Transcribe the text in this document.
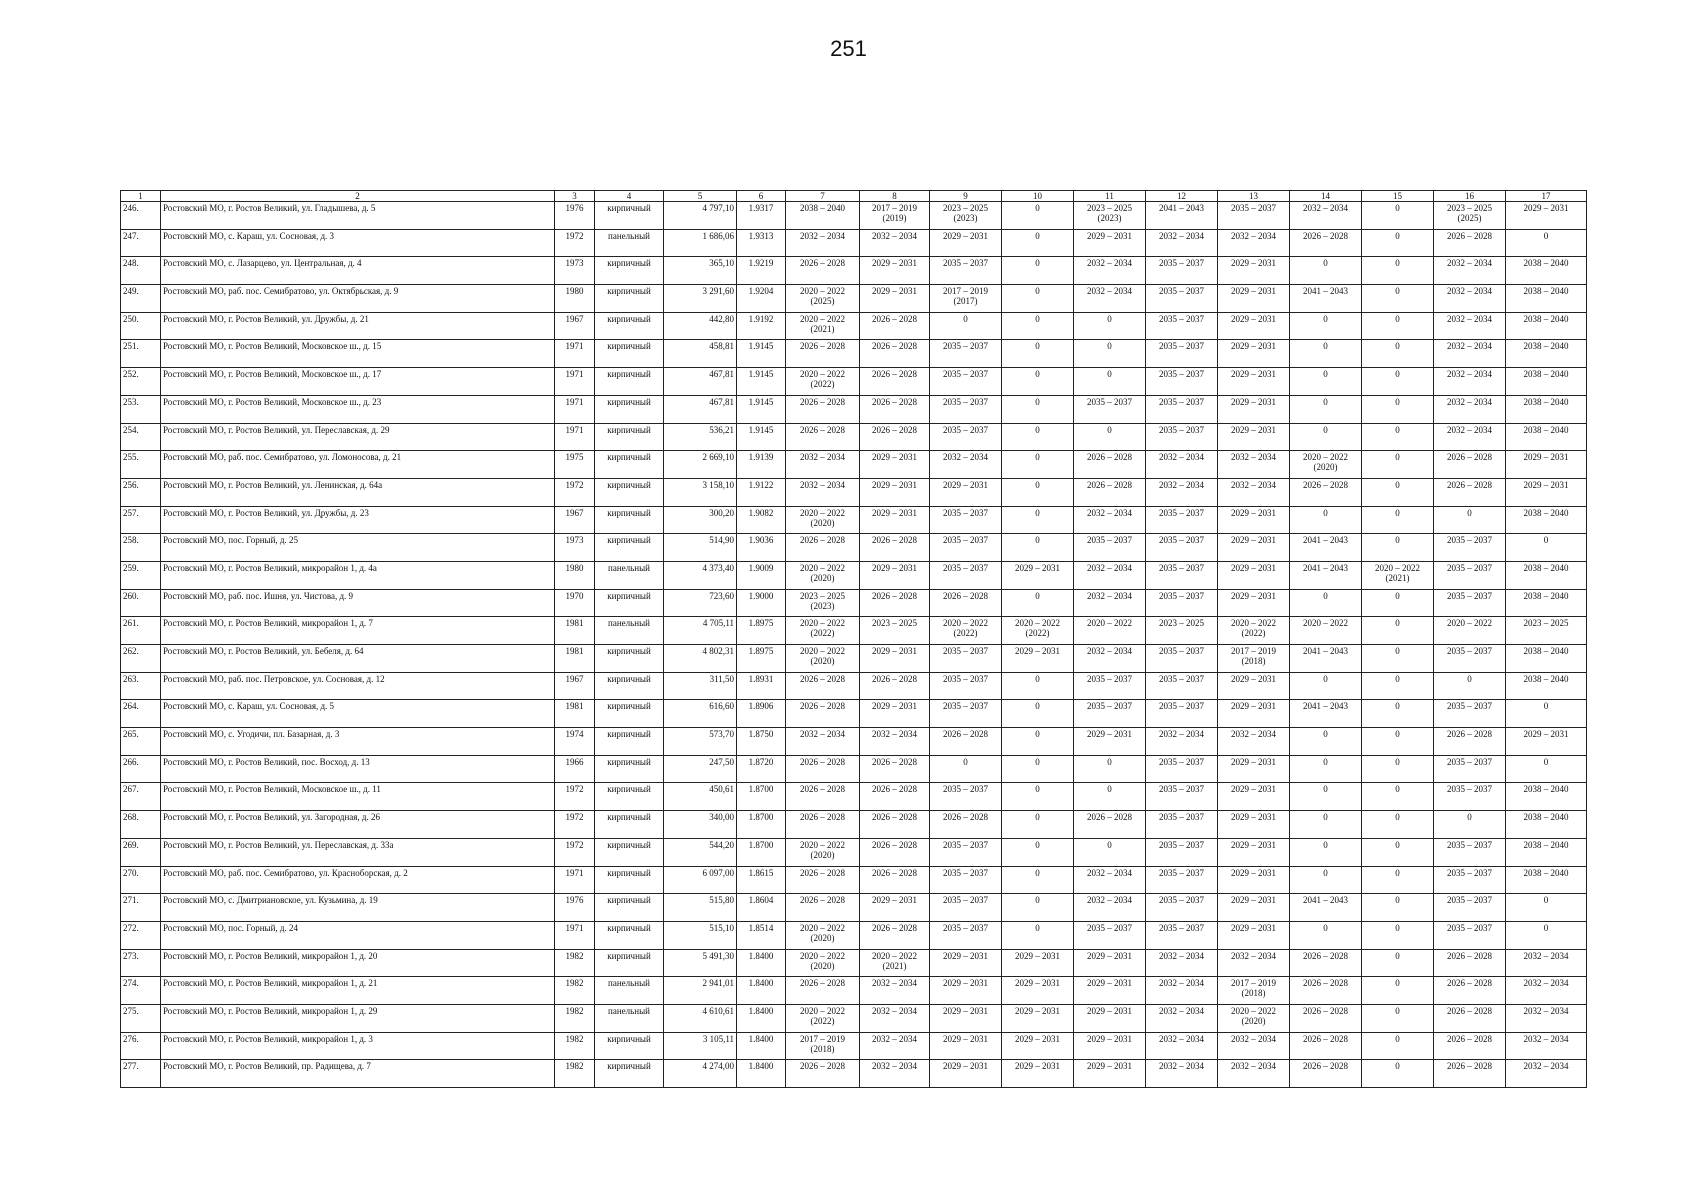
251
1	2	3	4	5	6	7	8	9	10	11	12	13	14	15	16	17
246.	Ростовский МО, г. Ростов Великий, ул. Гладышева, д. 5	1976	кирпичный	4 797,10	1.9317	2038 – 2040	2017 – 2019 (2019)	2023 – 2025 (2023)	0	2023 – 2025 (2023)	2041 – 2043	2035 – 2037	2032 – 2034	0	2023 – 2025 (2025)	2029 – 2031
247.	Ростовский МО, с. Караш, ул. Сосновая, д. 3	1972	панельный	1 686,06	1.9313	2032 – 2034	2032 – 2034	2029 – 2031	0	2029 – 2031	2032 – 2034	2032 – 2034	2026 – 2028	0	2026 – 2028	0
248.	Ростовский МО, с. Лазарцево, ул. Центральная, д. 4	1973	кирпичный	365,10	1.9219	2026 – 2028	2029 – 2031	2035 – 2037	0	2032 – 2034	2035 – 2037	2029 – 2031	0	0	2032 – 2034	2038 – 2040
249.	Ростовский МО, раб. пос. Семибратово, ул. Октябрьская, д. 9	1980	кирпичный	3 291,60	1.9204	2020 – 2022 (2025)	2029 – 2031	2017 – 2019 (2017)	0	2032 – 2034	2035 – 2037	2029 – 2031	2041 – 2043	0	2032 – 2034	2038 – 2040
250.	Ростовский МО, г. Ростов Великий, ул. Дружбы, д. 21	1967	кирпичный	442,80	1.9192	2020 – 2022 (2021)	2026 – 2028	0	0	0	2035 – 2037	2029 – 2031	0	0	2032 – 2034	2038 – 2040
251.	Ростовский МО, г. Ростов Великий, Московское ш., д. 15	1971	кирпичный	458,81	1.9145	2026 – 2028	2026 – 2028	2035 – 2037	0	0	2035 – 2037	2029 – 2031	0	0	2032 – 2034	2038 – 2040
252.	Ростовский МО, г. Ростов Великий, Московское ш., д. 17	1971	кирпичный	467,81	1.9145	2020 – 2022 (2022)	2026 – 2028	2035 – 2037	0	0	2035 – 2037	2029 – 2031	0	0	2032 – 2034	2038 – 2040
253.	Ростовский МО, г. Ростов Великий, Московское ш., д. 23	1971	кирпичный	467,81	1.9145	2026 – 2028	2026 – 2028	2035 – 2037	0	2035 – 2037	2035 – 2037	2029 – 2031	0	0	2032 – 2034	2038 – 2040
254.	Ростовский МО, г. Ростов Великий, ул. Переславская, д. 29	1971	кирпичный	536,21	1.9145	2026 – 2028	2026 – 2028	2035 – 2037	0	0	2035 – 2037	2029 – 2031	0	0	2032 – 2034	2038 – 2040
255.	Ростовский МО, раб. пос. Семибратово, ул. Ломоносова, д. 21	1975	кирпичный	2 669,10	1.9139	2032 – 2034	2029 – 2031	2032 – 2034	0	2026 – 2028	2032 – 2034	2032 – 2034	2020 – 2022 (2020)	0	2026 – 2028	2029 – 2031
256.	Ростовский МО, г. Ростов Великий, ул. Ленинская, д. 64а	1972	кирпичный	3 158,10	1.9122	2032 – 2034	2029 – 2031	2029 – 2031	0	2026 – 2028	2032 – 2034	2032 – 2034	2026 – 2028	0	2026 – 2028	2029 – 2031
257.	Ростовский МО, г. Ростов Великий, ул. Дружбы, д. 23	1967	кирпичный	300,20	1.9082	2020 – 2022 (2020)	2029 – 2031	2035 – 2037	0	2032 – 2034	2035 – 2037	2029 – 2031	0	0	0	2038 – 2040
258.	Ростовский МО, пос. Горный, д. 25	1973	кирпичный	514,90	1.9036	2026 – 2028	2026 – 2028	2035 – 2037	0	2035 – 2037	2035 – 2037	2029 – 2031	2041 – 2043	0	2035 – 2037	0
259.	Ростовский МО, г. Ростов Великий, микрорайон 1, д. 4а	1980	панельный	4 373,40	1.9009	2020 – 2022 (2020)	2029 – 2031	2035 – 2037	2029 – 2031	2032 – 2034	2035 – 2037	2029 – 2031	2041 – 2043	2020 – 2022 (2021)	2035 – 2037	2038 – 2040
260.	Ростовский МО, раб. пос. Ишня, ул. Чистова, д. 9	1970	кирпичный	723,60	1.9000	2023 – 2025 (2023)	2026 – 2028	2026 – 2028	0	2032 – 2034	2035 – 2037	2029 – 2031	0	0	2035 – 2037	2038 – 2040
261.	Ростовский МО, г. Ростов Великий, микрорайон 1, д. 7	1981	панельный	4 705,11	1.8975	2020 – 2022 (2022)	2023 – 2025	2020 – 2022 (2022)	2020 – 2022 (2022)	2020 – 2022	2023 – 2025	2020 – 2022 (2022)	2020 – 2022	0	2020 – 2022	2023 – 2025
262.	Ростовский МО, г. Ростов Великий, ул. Бебеля, д. 64	1981	кирпичный	4 802,31	1.8975	2020 – 2022 (2020)	2029 – 2031	2035 – 2037	2029 – 2031	2032 – 2034	2035 – 2037	2017 – 2019 (2018)	2041 – 2043	0	2035 – 2037	2038 – 2040
263.	Ростовский МО, раб. пос. Петровское, ул. Сосновая, д. 12	1967	кирпичный	311,50	1.8931	2026 – 2028	2026 – 2028	2035 – 2037	0	2035 – 2037	2035 – 2037	2029 – 2031	0	0	0	2038 – 2040
264.	Ростовский МО, с. Караш, ул. Сосновая, д. 5	1981	кирпичный	616,60	1.8906	2026 – 2028	2029 – 2031	2035 – 2037	0	2035 – 2037	2035 – 2037	2029 – 2031	2041 – 2043	0	2035 – 2037	0
265.	Ростовский МО, с. Угодичи, пл. Базарная, д. 3	1974	кирпичный	573,70	1.8750	2032 – 2034	2032 – 2034	2026 – 2028	0	2029 – 2031	2032 – 2034	2032 – 2034	0	0	2026 – 2028	2029 – 2031
266.	Ростовский МО, г. Ростов Великий, пос. Восход, д. 13	1966	кирпичный	247,50	1.8720	2026 – 2028	2026 – 2028	0	0	0	2035 – 2037	2029 – 2031	0	0	2035 – 2037	0
267.	Ростовский МО, г. Ростов Великий, Московское ш., д. 11	1972	кирпичный	450,61	1.8700	2026 – 2028	2026 – 2028	2035 – 2037	0	0	2035 – 2037	2029 – 2031	0	0	2035 – 2037	2038 – 2040
268.	Ростовский МО, г. Ростов Великий, ул. Загородная, д. 26	1972	кирпичный	340,00	1.8700	2026 – 2028	2026 – 2028	2026 – 2028	0	2026 – 2028	2035 – 2037	2029 – 2031	0	0	0	2038 – 2040
269.	Ростовский МО, г. Ростов Великий, ул. Переславская, д. 33а	1972	кирпичный	544,20	1.8700	2020 – 2022 (2020)	2026 – 2028	2035 – 2037	0	0	2035 – 2037	2029 – 2031	0	0	2035 – 2037	2038 – 2040
270.	Ростовский МО, раб. пос. Семибратово, ул. Красноборская, д. 2	1971	кирпичный	6 097,00	1.8615	2026 – 2028	2026 – 2028	2035 – 2037	0	2032 – 2034	2035 – 2037	2029 – 2031	0	0	2035 – 2037	2038 – 2040
271.	Ростовский МО, с. Дмитриановское, ул. Кузьмина, д. 19	1976	кирпичный	515,80	1.8604	2026 – 2028	2029 – 2031	2035 – 2037	0	2032 – 2034	2035 – 2037	2029 – 2031	2041 – 2043	0	2035 – 2037	0
272.	Ростовский МО, пос. Горный, д. 24	1971	кирпичный	515,10	1.8514	2020 – 2022 (2020)	2026 – 2028	2035 – 2037	0	2035 – 2037	2035 – 2037	2029 – 2031	0	0	2035 – 2037	0
273.	Ростовский МО, г. Ростов Великий, микрорайон 1, д. 20	1982	кирпичный	5 491,30	1.8400	2020 – 2022 (2020)	2020 – 2022 (2021)	2029 – 2031	2029 – 2031	2029 – 2031	2032 – 2034	2032 – 2034	2026 – 2028	0	2026 – 2028	2032 – 2034
274.	Ростовский МО, г. Ростов Великий, микрорайон 1, д. 21	1982	панельный	2 941,01	1.8400	2026 – 2028	2032 – 2034	2029 – 2031	2029 – 2031	2029 – 2031	2032 – 2034	2017 – 2019 (2018)	2026 – 2028	0	2026 – 2028	2032 – 2034
275.	Ростовский МО, г. Ростов Великий, микрорайон 1, д. 29	1982	панельный	4 610,61	1.8400	2020 – 2022 (2022)	2032 – 2034	2029 – 2031	2029 – 2031	2029 – 2031	2032 – 2034	2020 – 2022 (2020)	2026 – 2028	0	2026 – 2028	2032 – 2034
276.	Ростовский МО, г. Ростов Великий, микрорайон 1, д. 3	1982	кирпичный	3 105,11	1.8400	2017 – 2019 (2018)	2032 – 2034	2029 – 2031	2029 – 2031	2029 – 2031	2032 – 2034	2032 – 2034	2026 – 2028	0	2026 – 2028	2032 – 2034
277.	Ростовский МО, г. Ростов Великий, пр. Радищева, д. 7	1982	кирпичный	4 274,00	1.8400	2026 – 2028	2032 – 2034	2029 – 2031	2029 – 2031	2029 – 2031	2032 – 2034	2032 – 2034	2026 – 2028	0	2026 – 2028	2032 – 2034
